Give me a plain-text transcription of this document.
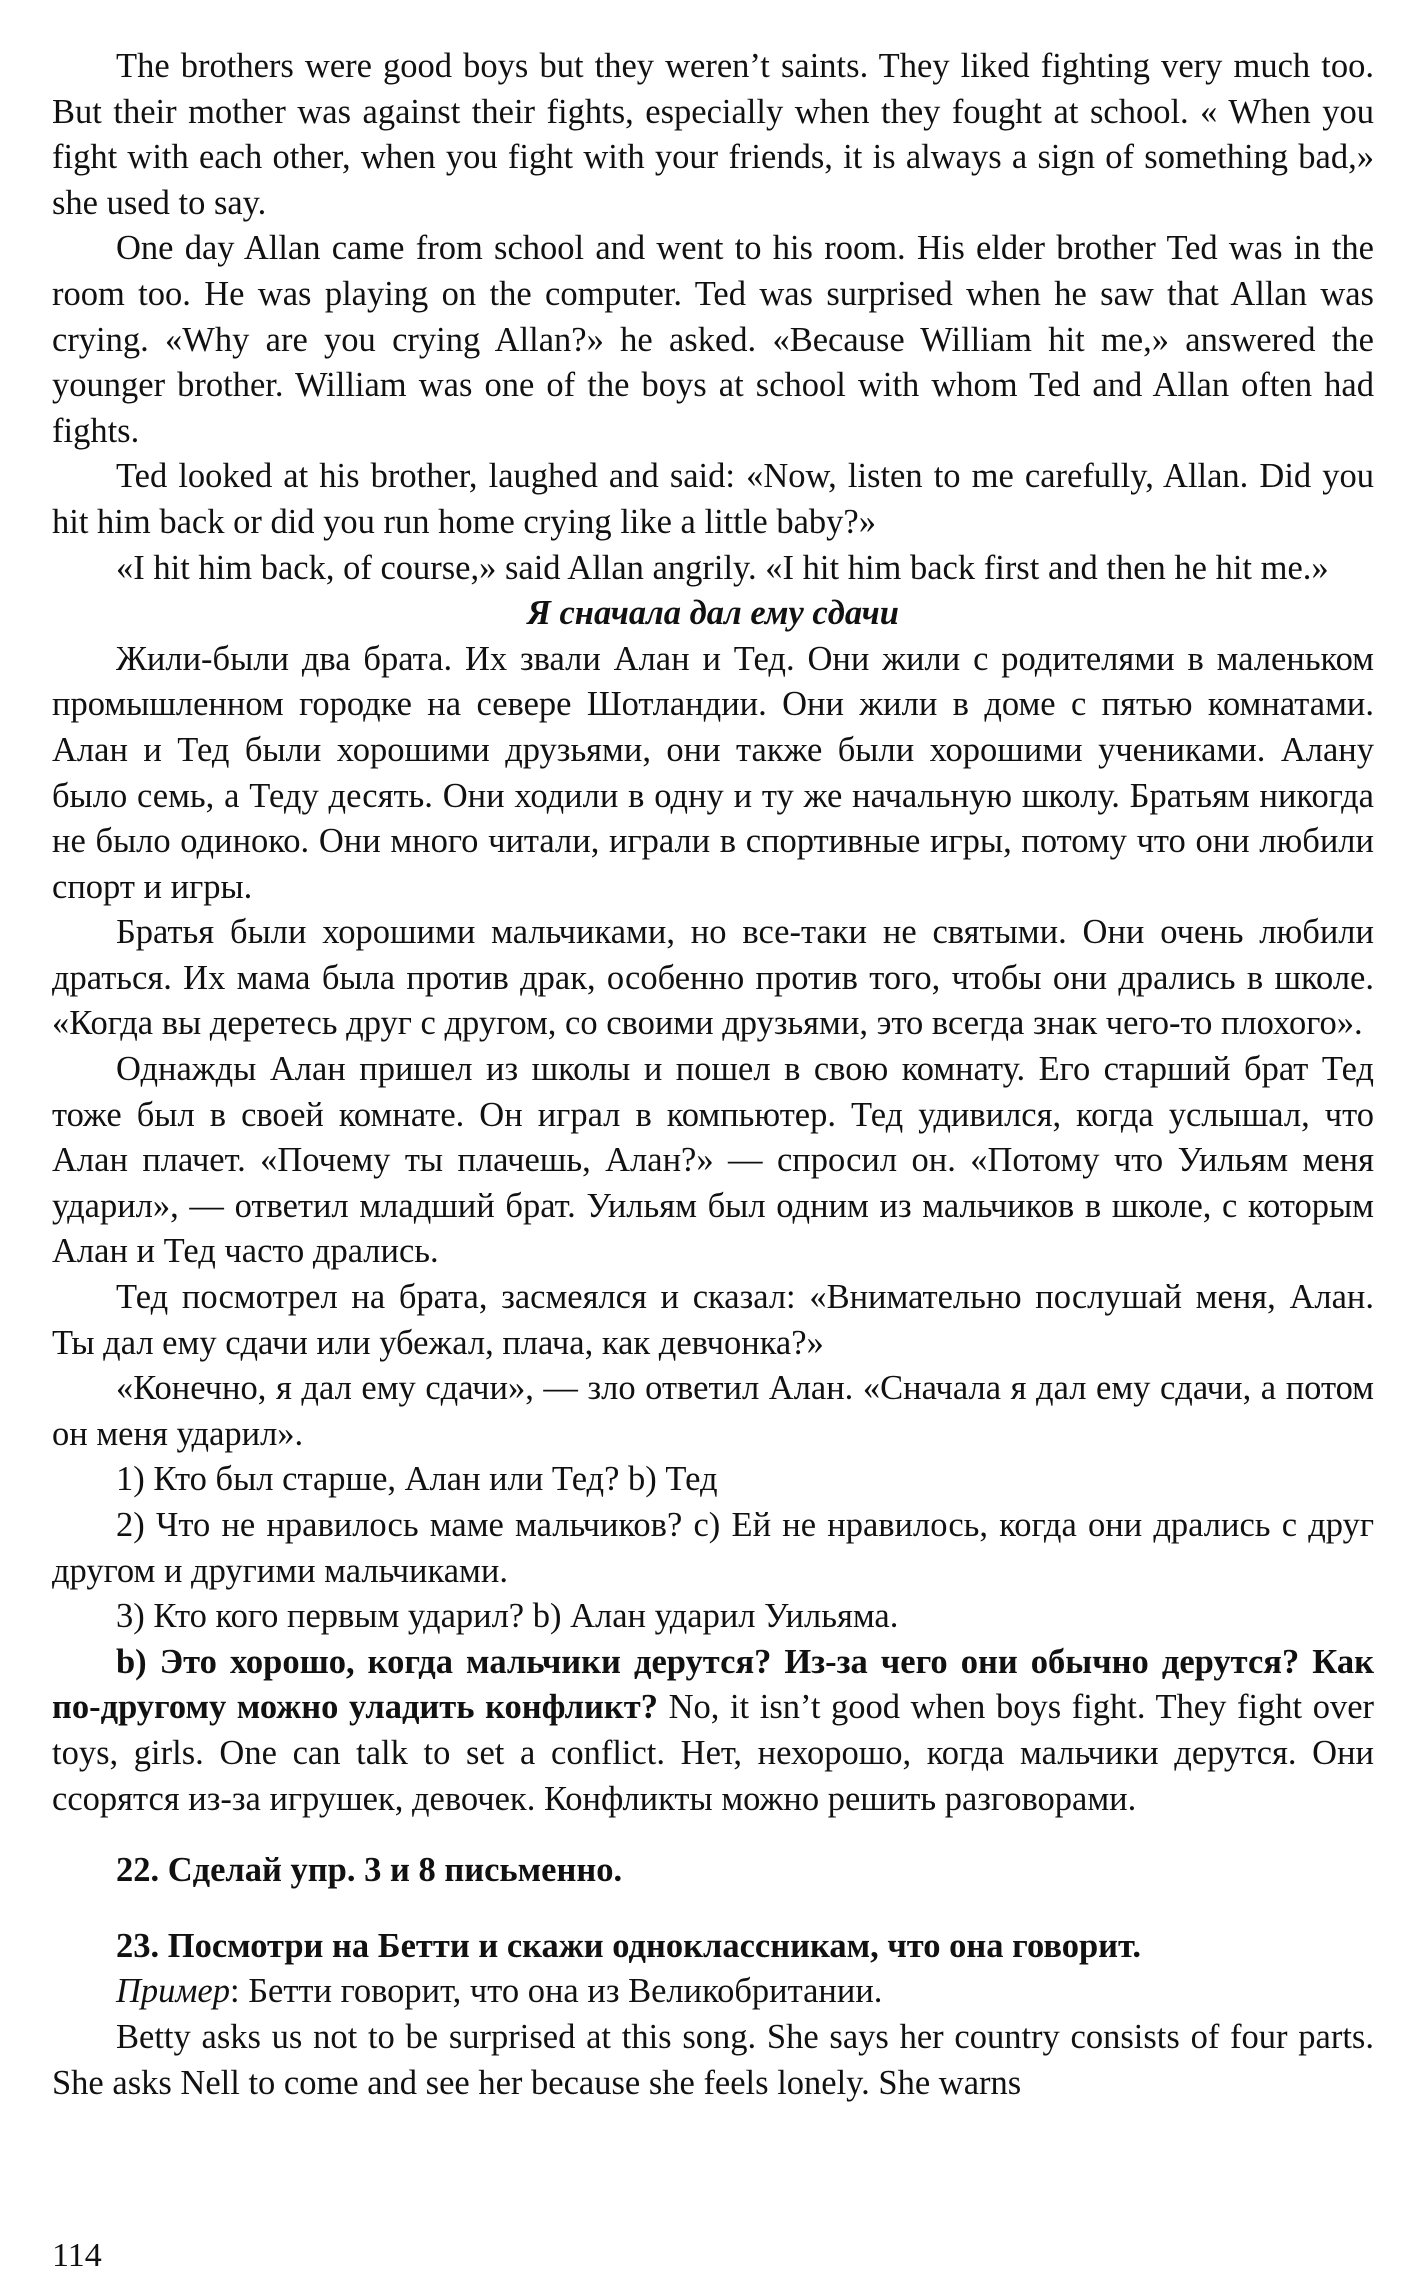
The brothers were good boys but they weren’t saints. They liked fighting very much too. But their mother was against their fights, especially when they fought at school. « When you fight with each other, when you fight with your friends, it is always a sign of something bad,» she used to say.

One day Allan came from school and went to his room. His elder brother Ted was in the room too. He was playing on the computer. Ted was surprised when he saw that Allan was crying. «Why are you crying Allan?» he asked. «Because William hit me,» answered the younger brother. William was one of the boys at school with whom Ted and Allan often had fights.

Ted looked at his brother, laughed and said: «Now, listen to me carefully, Allan. Did you hit him back or did you run home crying like a little baby?»

«I hit him back, of course,» said Allan angrily. «I hit him back first and then he hit me.»

Я сначала дал ему сдачи

Жили-были два брата. Их звали Алан и Тед. Они жили с родителями в маленьком промышленном городке на севере Шотландии. Они жили в доме с пятью комнатами. Алан и Тед были хорошими друзьями, они также были хорошими учениками. Алану было семь, а Теду десять. Они ходили в одну и ту же начальную школу. Братьям никогда не было одиноко. Они много читали, играли в спортивные игры, потому что они любили спорт и игры.

Братья были хорошими мальчиками, но все-таки не святыми. Они очень любили драться. Их мама была против драк, особенно против того, чтобы они дрались в школе. «Когда вы деретесь друг с другом, со своими друзьями, это всегда знак чего-то плохого».

Однажды Алан пришел из школы и пошел в свою комнату. Его старший брат Тед тоже был в своей комнате. Он играл в компьютер. Тед удивился, когда услышал, что Алан плачет. «Почему ты плачешь, Алан?» — спросил он. «Потому что Уильям меня ударил», — ответил младший брат. Уильям был одним из мальчиков в школе, с которым Алан и Тед часто дрались.

Тед посмотрел на брата, засмеялся и сказал: «Внимательно послушай меня, Алан. Ты дал ему сдачи или убежал, плача, как девчонка?»

«Конечно, я дал ему сдачи», — зло ответил Алан. «Сначала я дал ему сдачи, а потом он меня ударил».

1) Кто был старше, Алан или Тед? b) Тед

2) Что не нравилось маме мальчиков? c) Ей не нравилось, когда они дрались с друг другом и другими мальчиками.

3) Кто кого первым ударил? b) Алан ударил Уильяма.

b) Это хорошо, когда мальчики дерутся? Из-за чего они обычно дерутся? Как по-другому можно уладить конфликт? No, it isn’t good when boys fight. They fight over toys, girls. One can talk to set a conflict. Нет, нехорошо, когда мальчики дерутся. Они ссорятся из-за игрушек, девочек. Конфликты можно решить разговорами.

22. Сделай упр. 3 и 8 письменно.

23. Посмотри на Бетти и скажи одноклассникам, что она говорит.

Пример: Бетти говорит, что она из Великобритании.

Betty asks us not to be surprised at this song. She says her country consists of four parts. She asks Nell to come and see her because she feels lonely. She warns

114
